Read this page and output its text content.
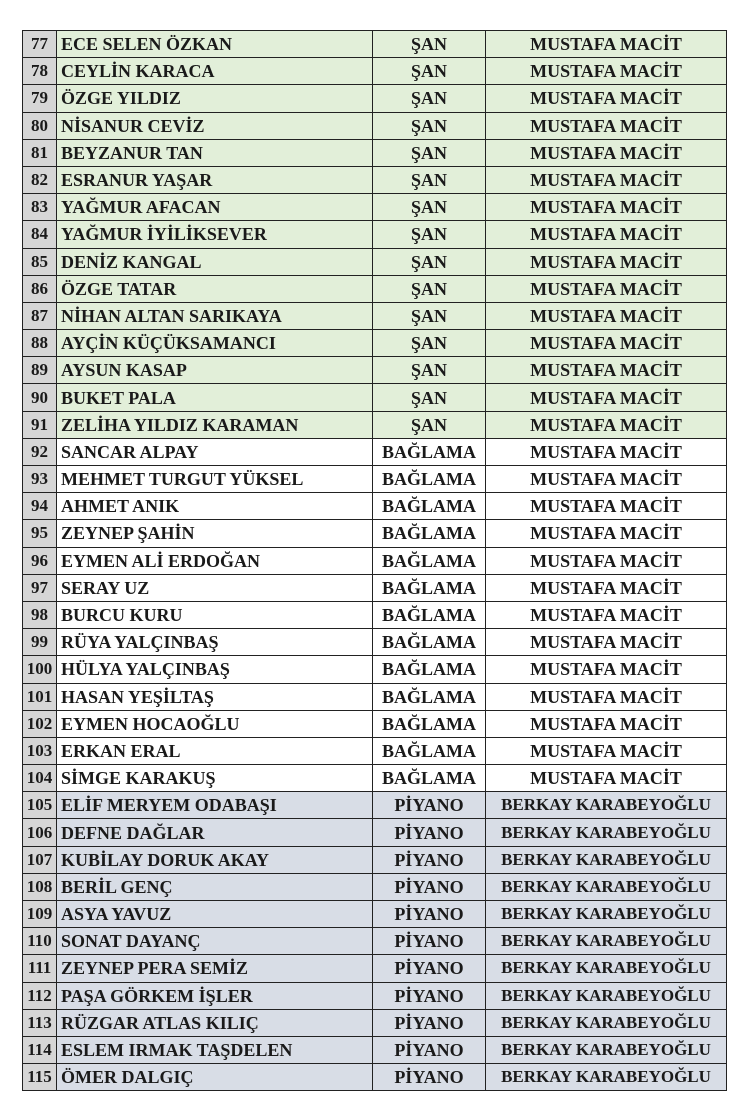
77	ECE SELEN ÖZKAN	ŞAN	MUSTAFA MACİT
78	CEYLİN KARACA	ŞAN	MUSTAFA MACİT
79	ÖZGE YILDIZ	ŞAN	MUSTAFA MACİT
80	NİSANUR CEVİZ	ŞAN	MUSTAFA MACİT
81	BEYZANUR TAN	ŞAN	MUSTAFA MACİT
82	ESRANUR YAŞAR	ŞAN	MUSTAFA MACİT
83	YAĞMUR AFACAN	ŞAN	MUSTAFA MACİT
84	YAĞMUR İYİLİKSEVER	ŞAN	MUSTAFA MACİT
85	DENİZ KANGAL	ŞAN	MUSTAFA MACİT
86	ÖZGE TATAR	ŞAN	MUSTAFA MACİT
87	NİHAN ALTAN SARIKAYA	ŞAN	MUSTAFA MACİT
88	AYÇİN KÜÇÜKSAMANCI	ŞAN	MUSTAFA MACİT
89	AYSUN KASAP	ŞAN	MUSTAFA MACİT
90	BUKET PALA	ŞAN	MUSTAFA MACİT
91	ZELİHA YILDIZ KARAMAN	ŞAN	MUSTAFA MACİT
92	SANCAR ALPAY	BAĞLAMA	MUSTAFA MACİT
93	MEHMET TURGUT YÜKSEL	BAĞLAMA	MUSTAFA MACİT
94	AHMET ANIK	BAĞLAMA	MUSTAFA MACİT
95	ZEYNEP ŞAHİN	BAĞLAMA	MUSTAFA MACİT
96	EYMEN ALİ ERDOĞAN	BAĞLAMA	MUSTAFA MACİT
97	SERAY UZ	BAĞLAMA	MUSTAFA MACİT
98	BURCU KURU	BAĞLAMA	MUSTAFA MACİT
99	RÜYA YALÇINBAŞ	BAĞLAMA	MUSTAFA MACİT
100	HÜLYA YALÇINBAŞ	BAĞLAMA	MUSTAFA MACİT
101	HASAN YEŞİLTAŞ	BAĞLAMA	MUSTAFA MACİT
102	EYMEN HOCAOĞLU	BAĞLAMA	MUSTAFA MACİT
103	ERKAN ERAL	BAĞLAMA	MUSTAFA MACİT
104	SİMGE KARAKUŞ	BAĞLAMA	MUSTAFA MACİT
105	ELİF MERYEM ODABAŞI	PİYANO	BERKAY KARABEYOĞLU
106	DEFNE DAĞLAR	PİYANO	BERKAY KARABEYOĞLU
107	KUBİLAY DORUK AKAY	PİYANO	BERKAY KARABEYOĞLU
108	BERİL GENÇ	PİYANO	BERKAY KARABEYOĞLU
109	ASYA YAVUZ	PİYANO	BERKAY KARABEYOĞLU
110	SONAT DAYANÇ	PİYANO	BERKAY KARABEYOĞLU
111	ZEYNEP PERA SEMİZ	PİYANO	BERKAY KARABEYOĞLU
112	PAŞA GÖRKEM İŞLER	PİYANO	BERKAY KARABEYOĞLU
113	RÜZGAR ATLAS KILIÇ	PİYANO	BERKAY KARABEYOĞLU
114	ESLEM IRMAK TAŞDELEN	PİYANO	BERKAY KARABEYOĞLU
115	ÖMER DALGIÇ	PİYANO	BERKAY KARABEYOĞLU
